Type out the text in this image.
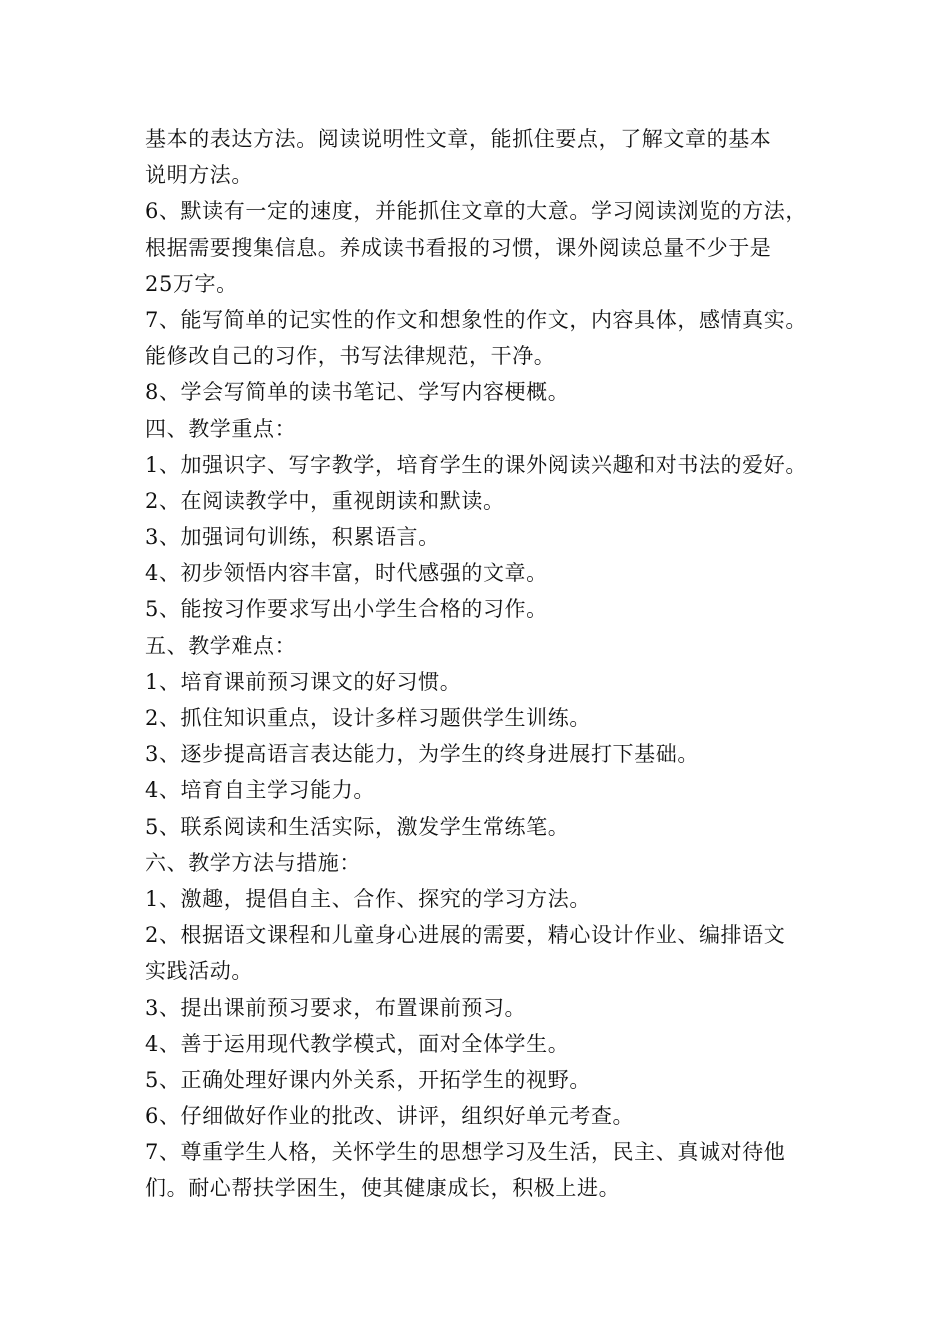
基本的表达方法。阅读说明性文章，能抓住要点，了解文章的基本
说明方法。
6、默读有一定的速度，并能抓住文章的大意。学习阅读浏览的方法，
根据需要搜集信息。养成读书看报的习惯，课外阅读总量不少于是
25万字。
7、能写简单的记实性的作文和想象性的作文，内容具体，感情真实。
能修改自己的习作，书写法律规范，干净。
8、学会写简单的读书笔记、学写内容梗概。
四、教学重点：
1、加强识字、写字教学，培育学生的课外阅读兴趣和对书法的爱好。
2、在阅读教学中，重视朗读和默读。
3、加强词句训练，积累语言。
4、初步领悟内容丰富，时代感强的文章。
5、能按习作要求写出小学生合格的习作。
五、教学难点：
1、培育课前预习课文的好习惯。
2、抓住知识重点，设计多样习题供学生训练。
3、逐步提高语言表达能力，为学生的终身进展打下基础。
4、培育自主学习能力。
5、联系阅读和生活实际，激发学生常练笔。
六、教学方法与措施：
1、激趣，提倡自主、合作、探究的学习方法。
2、根据语文课程和儿童身心进展的需要，精心设计作业、编排语文
实践活动。
3、提出课前预习要求，布置课前预习。
4、善于运用现代教学模式，面对全体学生。
5、正确处理好课内外关系，开拓学生的视野。
6、仔细做好作业的批改、讲评，组织好单元考查。
7、尊重学生人格，关怀学生的思想学习及生活，民主、真诚对待他
们。耐心帮扶学困生，使其健康成长，积极上进。
